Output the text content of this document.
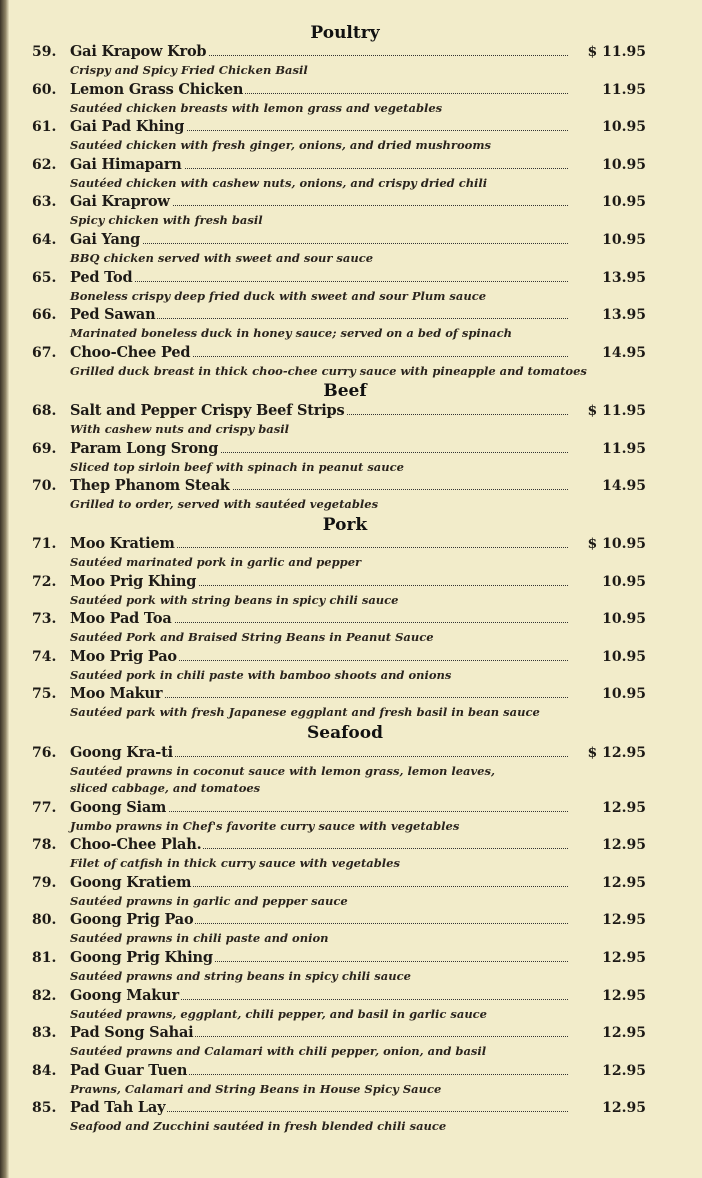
Poultry
59. Gai Krapow Krob	$ 11.95
Crispy and Spicy Fried Chicken Basil
60. Lemon Grass Chicken	11.95
Sautéed chicken breasts with lemon grass and vegetables
61. Gai Pad Khing	10.95
Sautéed chicken with fresh ginger, onions, and dried mushrooms
62. Gai Himaparn	10.95
Sautéed chicken with cashew nuts, onions, and crispy dried chili
63. Gai Kraprow	10.95
Spicy chicken with fresh basil
64. Gai Yang	10.95
BBQ chicken served with sweet and sour sauce
65. Ped Tod	13.95
Boneless crispy deep fried duck with sweet and sour Plum sauce
66. Ped Sawan	13.95
Marinated boneless duck in honey sauce; served on a bed of spinach
67. Choo-Chee Ped	14.95
Grilled duck breast in thick choo-chee curry sauce with pineapple and tomatoes
Beef
68. Salt and Pepper Crispy Beef Strips	$ 11.95
With cashew nuts and crispy basil
69. Param Long Srong	11.95
Sliced top sirloin beef with spinach in peanut sauce
70. Thep Phanom Steak	14.95
Grilled to order, served with sautéed vegetables
Pork
71. Moo Kratiem	$ 10.95
Sautéed marinated pork in garlic and pepper
72. Moo Prig Khing	10.95
Sautéed pork with string beans in spicy chili sauce
73. Moo Pad Toa	10.95
Sautéed Pork and Braised String Beans in Peanut Sauce
74. Moo Prig Pao	10.95
Sautéed pork in chili paste with bamboo shoots and onions
75. Moo Makur	10.95
Sautéed park with fresh Japanese eggplant and fresh basil in bean sauce
Seafood
76. Goong Kra-ti	$ 12.95
Sautéed prawns in coconut sauce with lemon grass, lemon leaves,
sliced cabbage, and tomatoes
77. Goong Siam	12.95
Jumbo prawns in Chef's favorite curry sauce with vegetables
78. Choo-Chee Plah.	12.95
Filet of catfish in thick curry sauce with vegetables
79. Goong Kratiem	12.95
Sautéed prawns in garlic and pepper sauce
80. Goong Prig Pao	12.95
Sautéed prawns in chili paste and onion
81. Goong Prig Khing	12.95
Sautéed prawns and string beans in spicy chili sauce
82. Goong Makur	12.95
Sautéed prawns, eggplant, chili pepper, and basil in garlic sauce
83. Pad Song Sahai	12.95
Sautéed prawns and Calamari with chili pepper, onion, and basil
84. Pad Guar Tuen	12.95
Prawns, Calamari and String Beans in House Spicy Sauce
85. Pad Tah Lay	12.95
Seafood and Zucchini sautéed in fresh blended chili sauce
